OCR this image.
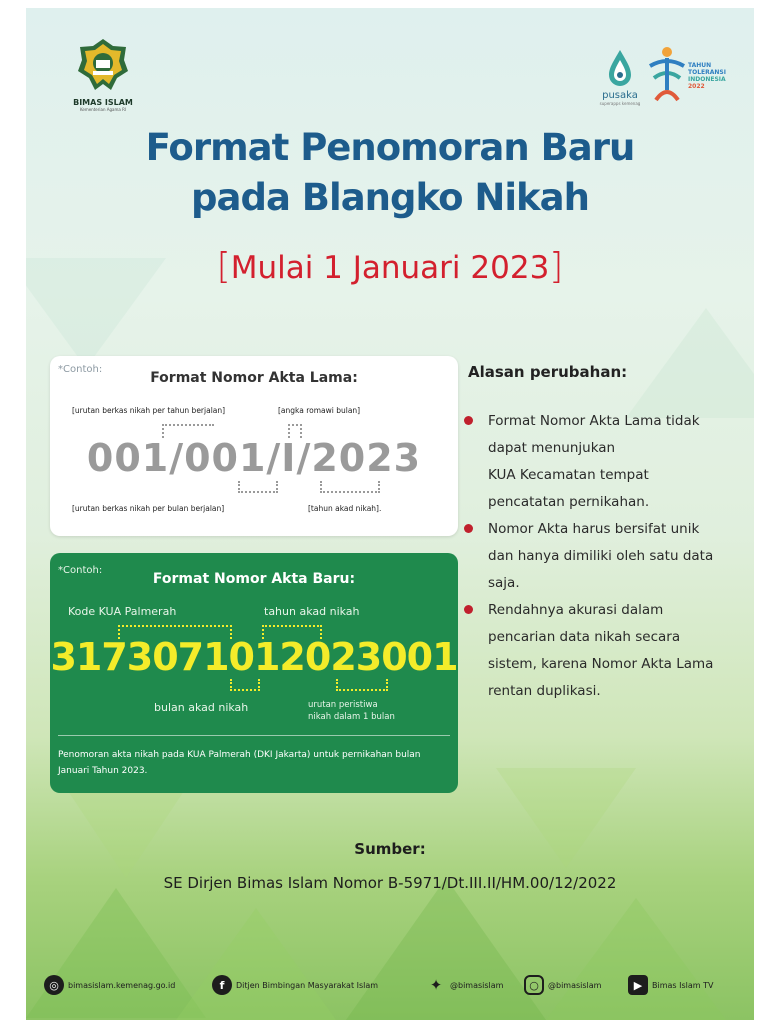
BIMAS ISLAM
Kementerian Agama RI
pusaka
superapps kemenag
TAHUN
TOLERANSI
INDONESIA
2022
Format Penomoran Baru
pada Blangko Nikah
[Mulai 1 Januari 2023]
*Contoh:
Format Nomor Akta Lama:
[urutan berkas nikah per tahun berjalan]	[angka romawi bulan]
001/001/I/2023
[urutan berkas nikah per bulan berjalan]	[tahun akad nikah].
*Contoh:
Format Nomor Akta Baru:
Kode KUA Palmerah	tahun akad nikah
3173071012023001
bulan akad nikah	urutan peristiwa
nikah dalam 1 bulan
Penomoran akta nikah pada KUA Palmerah (DKI Jakarta) untuk pernikahan bulan Januari Tahun 2023.
Alasan perubahan:
Format Nomor Akta Lama tidak
dapat menunjukan
KUA Kecamatan tempat
pencatatan pernikahan.
Nomor Akta harus bersifat unik
dan hanya dimiliki oleh satu data
saja.
Rendahnya akurasi dalam
pencarian data nikah secara
sistem, karena Nomor Akta Lama
rentan duplikasi.
Sumber:
SE Dirjen Bimas Islam Nomor B-5971/Dt.III.II/HM.00/12/2022
◎	bimasislam.kemenag.go.id	f	Ditjen Bimbingan Masyarakat Islam	✦ @bimasislam	○	@bimasislam	▶	Bimas Islam TV
